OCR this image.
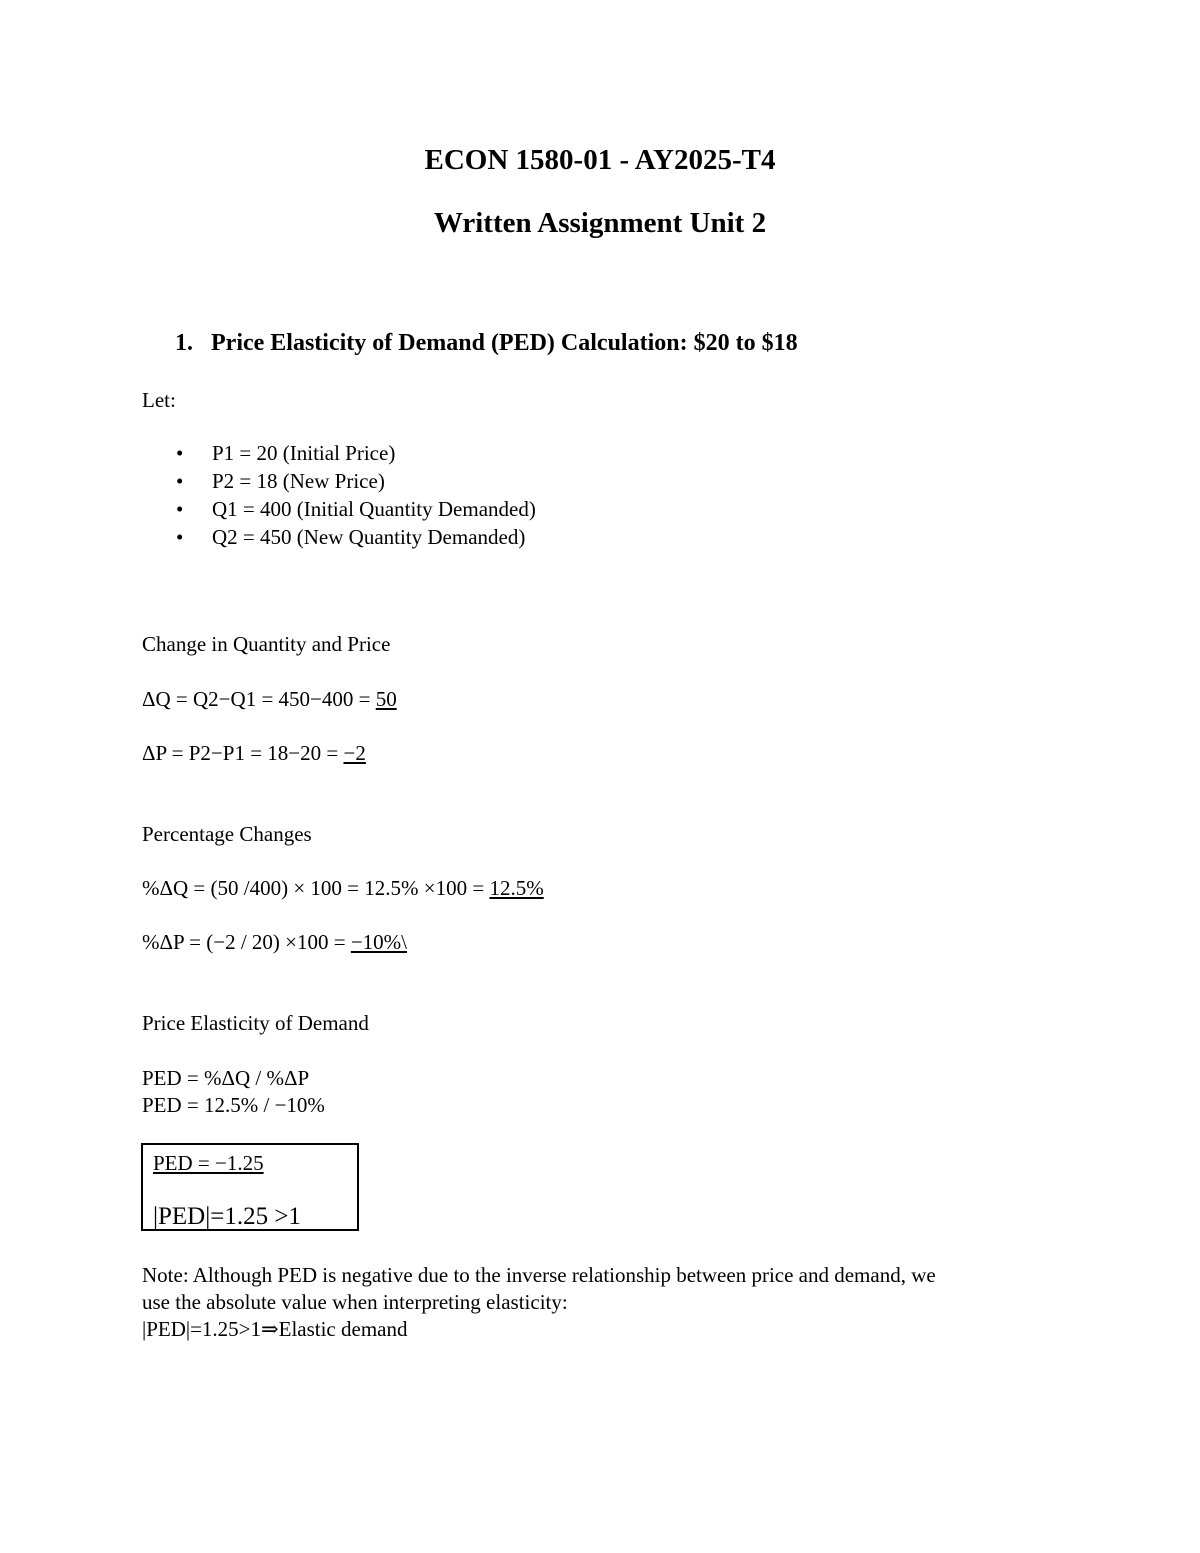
ECON 1580-01 - AY2025-T4
Written Assignment Unit 2
1. Price Elasticity of Demand (PED) Calculation: $20 to $18

Let:

• P1 = 20 (Initial Price)
• P2 = 18 (New Price)
• Q1 = 400 (Initial Quantity Demanded)
• Q2 = 450 (New Quantity Demanded)

Change in Quantity and Price

ΔQ = Q2−Q1 = 450−400 = 50

ΔP = P2−P1 = 18−20 = −2

Percentage Changes

%ΔQ = (50 /400) × 100 = 12.5% ×100 = 12.5%

%ΔP = (−2 / 20) ×100 = −10%\

Price Elasticity of Demand

PED = %ΔQ / %ΔP

PED = 12.5% / −10%

PED = −1.25
|PED|=1.25 >1

Note: Although PED is negative due to the inverse relationship between price and demand, we
use the absolute value when interpreting elasticity:
|PED|=1.25>1⇒Elastic demand
